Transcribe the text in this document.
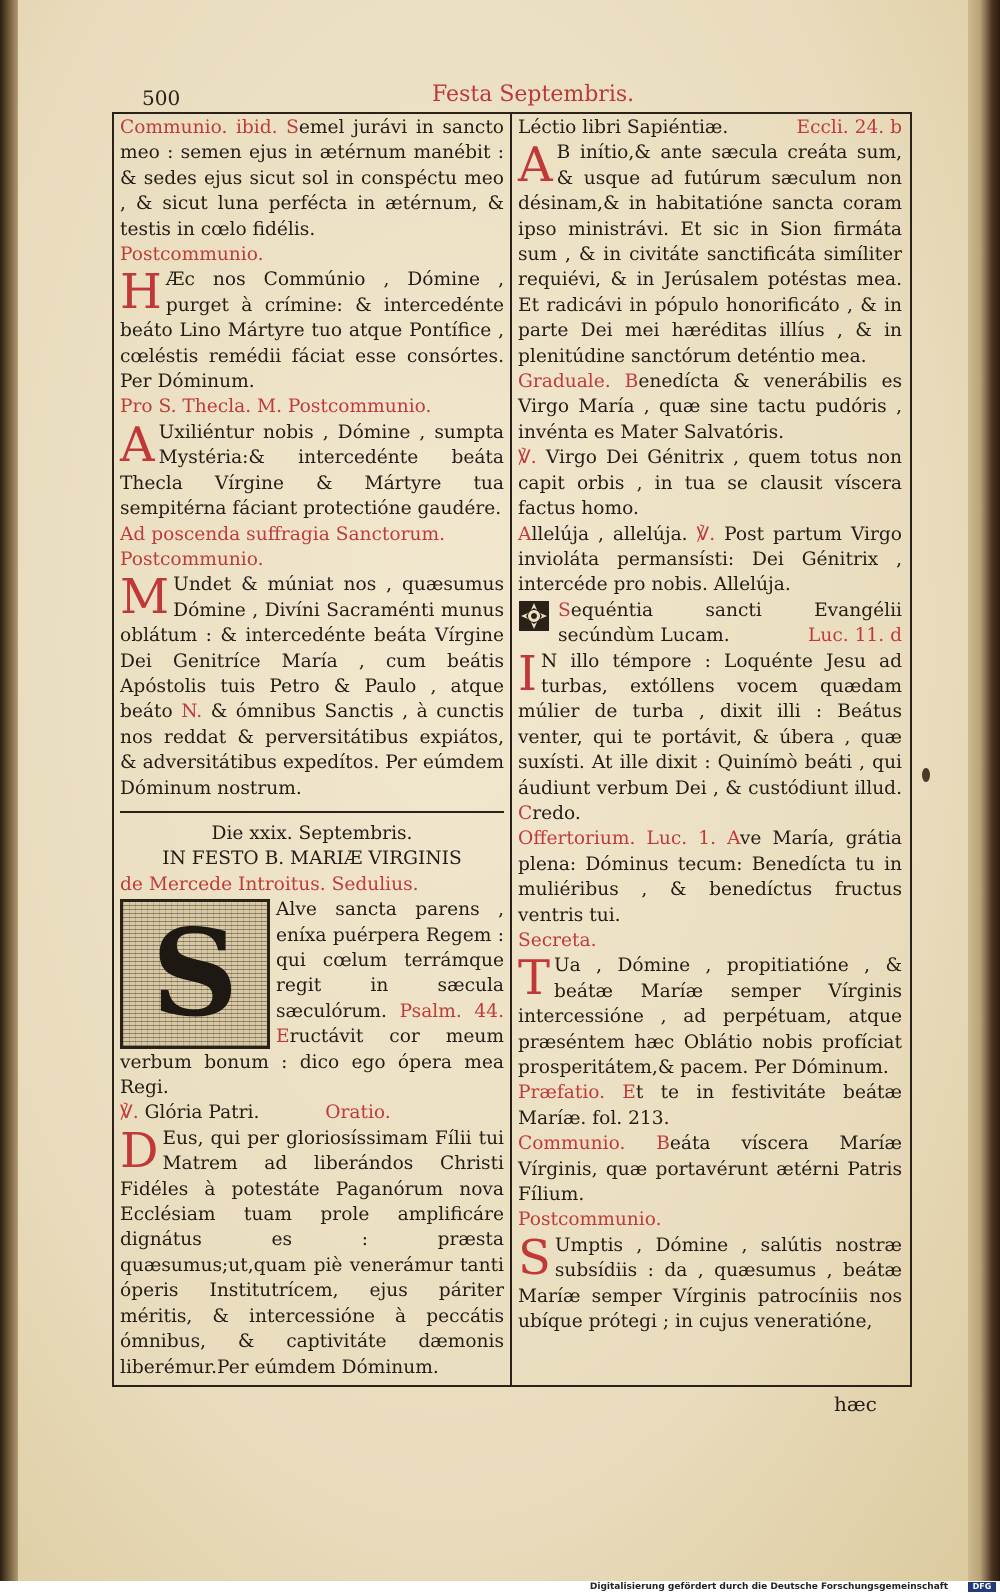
500	Festa Septembris.

Communio. ibid. Semel jurávi in sancto meo : semen ejus in ætérnum manébit : & sedes ejus sicut sol in conspéctu meo , & sicut luna perfécta in ætérnum, & testis in cœlo fidélis.

Postcommunio.

H Æc nos Commúnio , Dómine , purget à crímine: & intercedénte beáto Lino Mártyre tuo atque Pontífice , cœléstis remédii fáciat esse consórtes. Per Dóminum.

Pro S. Thecla. M. Postcommunio.

A Uxiliéntur nobis , Dómine , sumpta Mystéria:& intercedénte beáta Thecla Vírgine & Mártyre tua sempitérna fáciant protectióne gaudére.

Ad poscenda suffragia Sanctorum.

Postcommunio.

M Undet & múniat nos , quæsumus Dómine , Divíni Sacraménti munus oblátum : & intercedénte beáta Vírgine Dei Genitríce María , cum beátis Apóstolis tuis Petro & Paulo , atque beáto N. & ómnibus Sanctis , à cunctis nos reddat & perversitátibus expiátos, & adversitátibus expedítos. Per eúmdem Dóminum nostrum.

Die xxix. Septembris.

IN FESTO B. MARIÆ VIRGINIS

de Mercede Introitus. Sedulius.

S	Alve sancta parens , eníxa puérpera Regem : qui cœlum terrámque regit in sæcula sæculórum. Psalm. 44. Eructávit cor meum verbum bonum : dico ego ópera mea Regi.

℣. Glória Patri.	Oratio.

D Eus, qui per gloriosíssimam Fílii tui Matrem ad liberándos Christi Fidéles à potestáte Paganórum nova Ecclésiam tuam prole amplificáre dignátus es : præsta quæsumus;ut,quam piè venerámur tanti óperis Institutrícem, ejus páriter méritis, & intercessióne à peccátis ómnibus, & captivitáte dæmonis liberémur.Per eúmdem Dóminum.

Léctio libri Sapiéntiæ.	Eccli. 24. b

A B inítio,& ante sæcula creáta sum, & usque ad futúrum sæculum non désinam,& in habitatióne sancta coram ipso ministrávi. Et sic in Sion firmáta sum , & in civitáte sanctificáta simíliter requiévi, & in Jerúsalem potéstas mea. Et radicávi in pópulo honorificáto , & in parte Dei mei hæréditas illíus , & in plenitúdine sanctórum deténtio mea.

Graduale. Benedícta & venerábilis es Virgo María , quæ sine tactu pudóris , invénta es Mater Salvatóris.

℣. Virgo Dei Génitrix , quem totus non capit orbis , in tua se clausit víscera factus homo.

Allelúja , allelúja. ℣. Post partum Virgo invioláta permansísti: Dei Génitrix , intercéde pro nobis. Allelúja.

Sequéntia sancti Evangélii secúndùm Lucam.	Luc. 11. d

I N illo témpore : Loquénte Jesu ad turbas, extóllens vocem quædam múlier de turba , dixit illi : Beátus venter, qui te portávit, & úbera , quæ suxísti. At ille dixit : Quinímò beáti , qui áudiunt verbum Dei , & custódiunt illud. Credo.

Offertorium. Luc. 1. Ave María, grátia plena: Dóminus tecum: Benedícta tu in muliéribus , & benedíctus fructus ventris tui.

Secreta.

T Ua , Dómine , propitiatióne , & beátæ Maríæ semper Vírginis intercessióne , ad perpétuam, atque præséntem hæc Oblátio nobis profíciat prosperitátem,& pacem. Per Dóminum.

Præfatio. Et te in festivitáte beátæ Maríæ. fol. 213.

Communio. Beáta víscera Maríæ Vírginis, quæ portavérunt ætérni Patris Fílium.

Postcommunio.

S Umptis , Dómine , salútis nostræ subsídiis : da , quæsumus , beátæ Maríæ semper Vírginis patrocíniis nos ubíque prótegi ; in cujus veneratióne,

hæc
Digitalisierung gefördert durch die Deutsche Forschungsgemeinschaft	DFG
